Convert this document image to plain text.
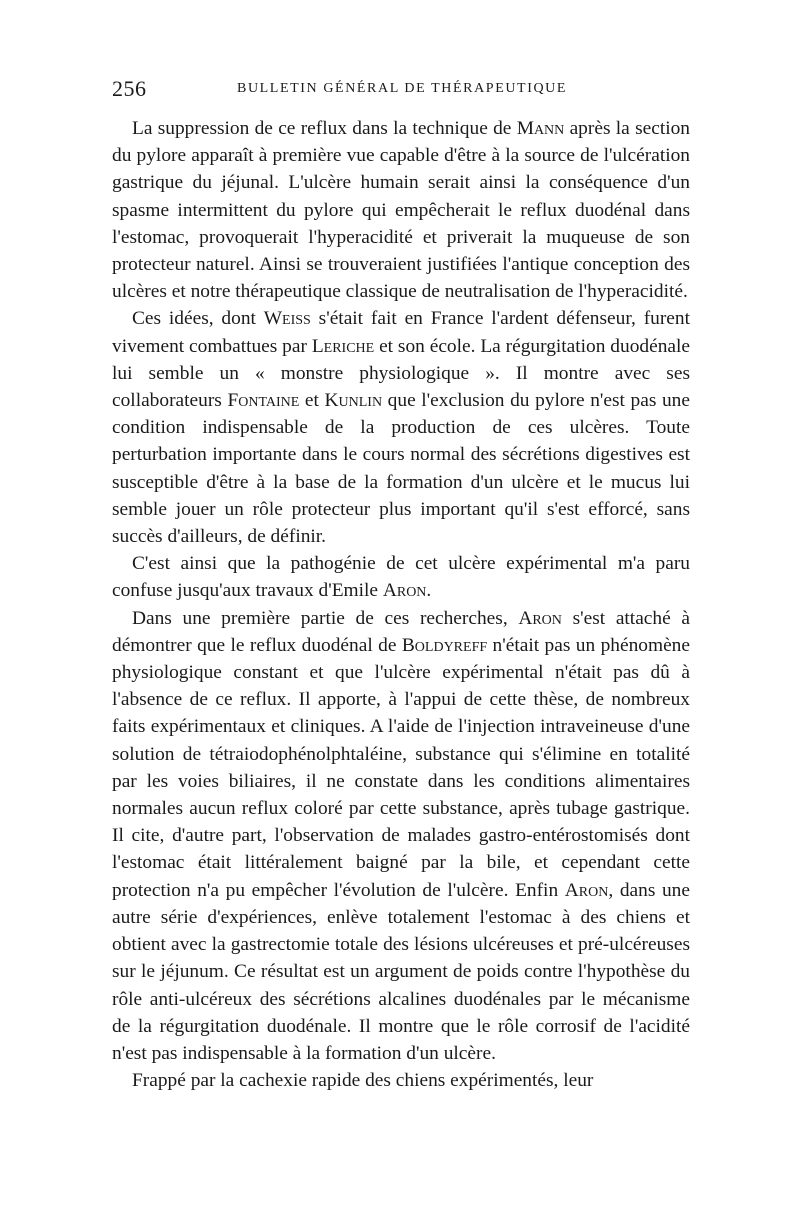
256	BULLETIN GÉNÉRAL DE THÉRAPEUTIQUE

La suppression de ce reflux dans la technique de Mann après la section du pylore apparaît à première vue capable d'être à la source de l'ulcération gastrique du jéjunal. L'ulcère humain serait ainsi la conséquence d'un spasme intermittent du pylore qui empêcherait le reflux duodénal dans l'estomac, provoquerait l'hyperacidité et priverait la muqueuse de son protecteur naturel. Ainsi se trouveraient justifiées l'antique conception des ulcères et notre thérapeutique classique de neutralisation de l'hyperacidité.

Ces idées, dont Weiss s'était fait en France l'ardent défenseur, furent vivement combattues par Leriche et son école. La régurgitation duodénale lui semble un « monstre physiologique ». Il montre avec ses collaborateurs Fontaine et Kunlin que l'exclusion du pylore n'est pas une condition indispensable de la production de ces ulcères. Toute perturbation importante dans le cours normal des sécrétions digestives est susceptible d'être à la base de la formation d'un ulcère et le mucus lui semble jouer un rôle protecteur plus important qu'il s'est efforcé, sans succès d'ailleurs, de définir.

C'est ainsi que la pathogénie de cet ulcère expérimental m'a paru confuse jusqu'aux travaux d'Emile Aron.

Dans une première partie de ces recherches, Aron s'est attaché à démontrer que le reflux duodénal de Boldyreff n'était pas un phénomène physiologique constant et que l'ulcère expérimental n'était pas dû à l'absence de ce reflux. Il apporte, à l'appui de cette thèse, de nombreux faits expérimentaux et cliniques. A l'aide de l'injection intraveineuse d'une solution de tétraiodophénolphtaléine, substance qui s'élimine en totalité par les voies biliaires, il ne constate dans les conditions alimentaires normales aucun reflux coloré par cette substance, après tubage gastrique. Il cite, d'autre part, l'observation de malades gastro-entérostomisés dont l'estomac était littéralement baigné par la bile, et cependant cette protection n'a pu empêcher l'évolution de l'ulcère. Enfin Aron, dans une autre série d'expériences, enlève totalement l'estomac à des chiens et obtient avec la gastrectomie totale des lésions ulcéreuses et pré-ulcéreuses sur le jéjunum. Ce résultat est un argument de poids contre l'hypothèse du rôle anti-ulcéreux des sécrétions alcalines duodénales par le mécanisme de la régurgitation duodénale. Il montre que le rôle corrosif de l'acidité n'est pas indispensable à la formation d'un ulcère.

Frappé par la cachexie rapide des chiens expérimentés, leur
